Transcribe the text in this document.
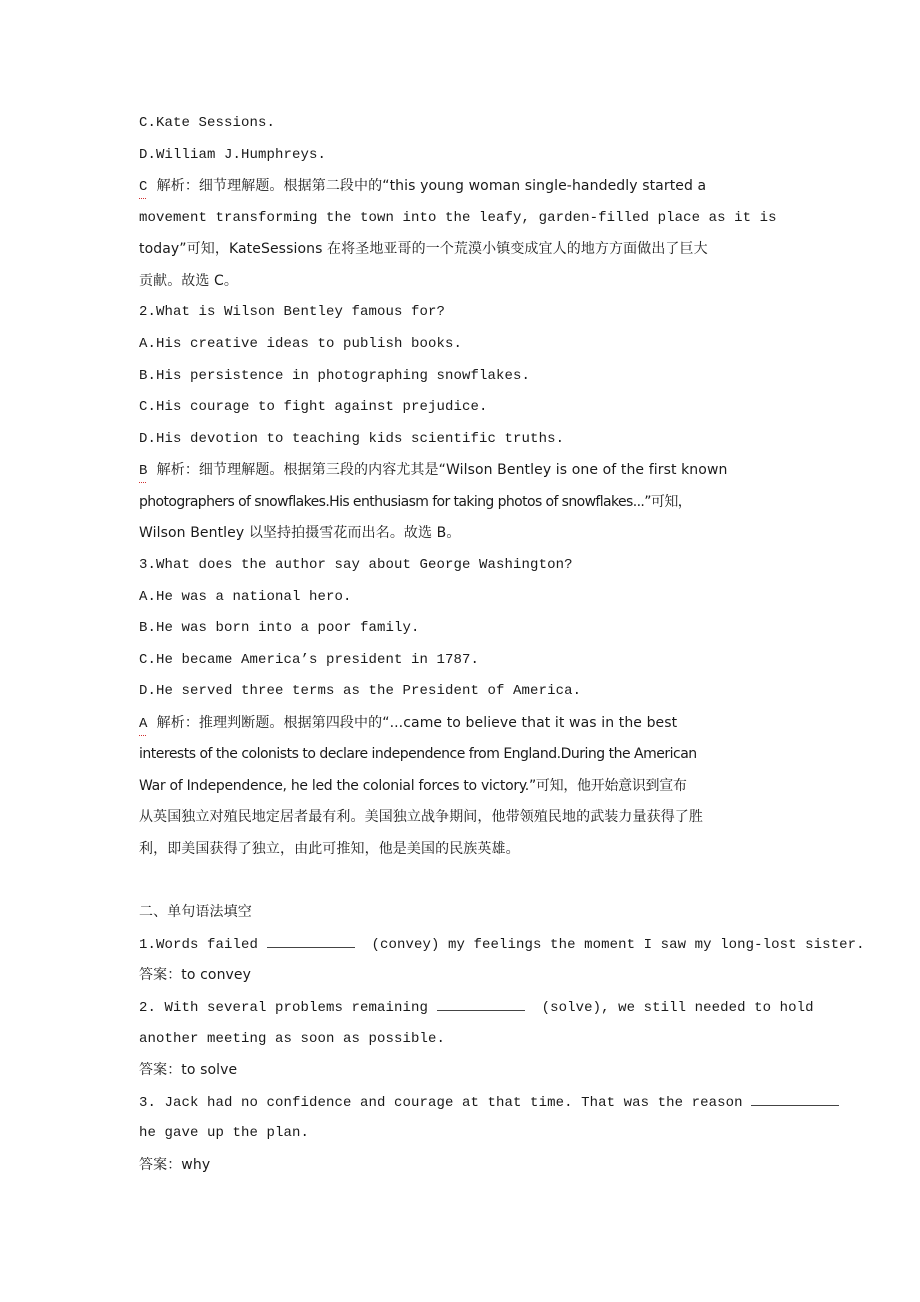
C.Kate Sessions.
D.William J.Humphreys.
C  解析：细节理解题。根据第二段中的“this young woman single-handedly started a
movement transforming the town into the leafy, garden-filled place as it is
today”可知，KateSessions 在将圣地亚哥的一个荒漠小镇变成宜人的地方方面做出了巨大
贡献。故选 C。
2.What is Wilson Bentley famous for?
A.His creative ideas to publish books.
B.His persistence in photographing snowflakes.
C.His courage to fight against prejudice.
D.His devotion to teaching kids scientific truths.
B  解析：细节理解题。根据第三段的内容尤其是“Wilson Bentley is one of the first known
photographers of snowflakes.His enthusiasm for taking photos of snowflakes...”可知，
Wilson Bentley 以坚持拍摄雪花而出名。故选 B。
3.What does the author say about George Washington?
A.He was a national hero.
B.He was born into a poor family.
C.He became America’s president in 1787.
D.He served three terms as the President of America.
A  解析：推理判断题。根据第四段中的“...came to believe that it was in the best
interests of the colonists to declare independence from England.During the American
War of Independence, he led the colonial forces to victory.”可知，他开始意识到宣布
从英国独立对殖民地定居者最有利。美国独立战争期间，他带领殖民地的武装力量获得了胜
利，即美国获得了独立，由此可推知，他是美国的民族英雄。
二、单句语法填空
1.Words failed	(convey) my feelings the moment I saw my long-lost sister.
答案：to convey
2. With several problems remaining	(solve), we still needed to hold
another meeting as soon as possible.
答案：to solve
3. Jack had no confidence and courage at that time. That was the reason
he gave up the plan.
答案：why
